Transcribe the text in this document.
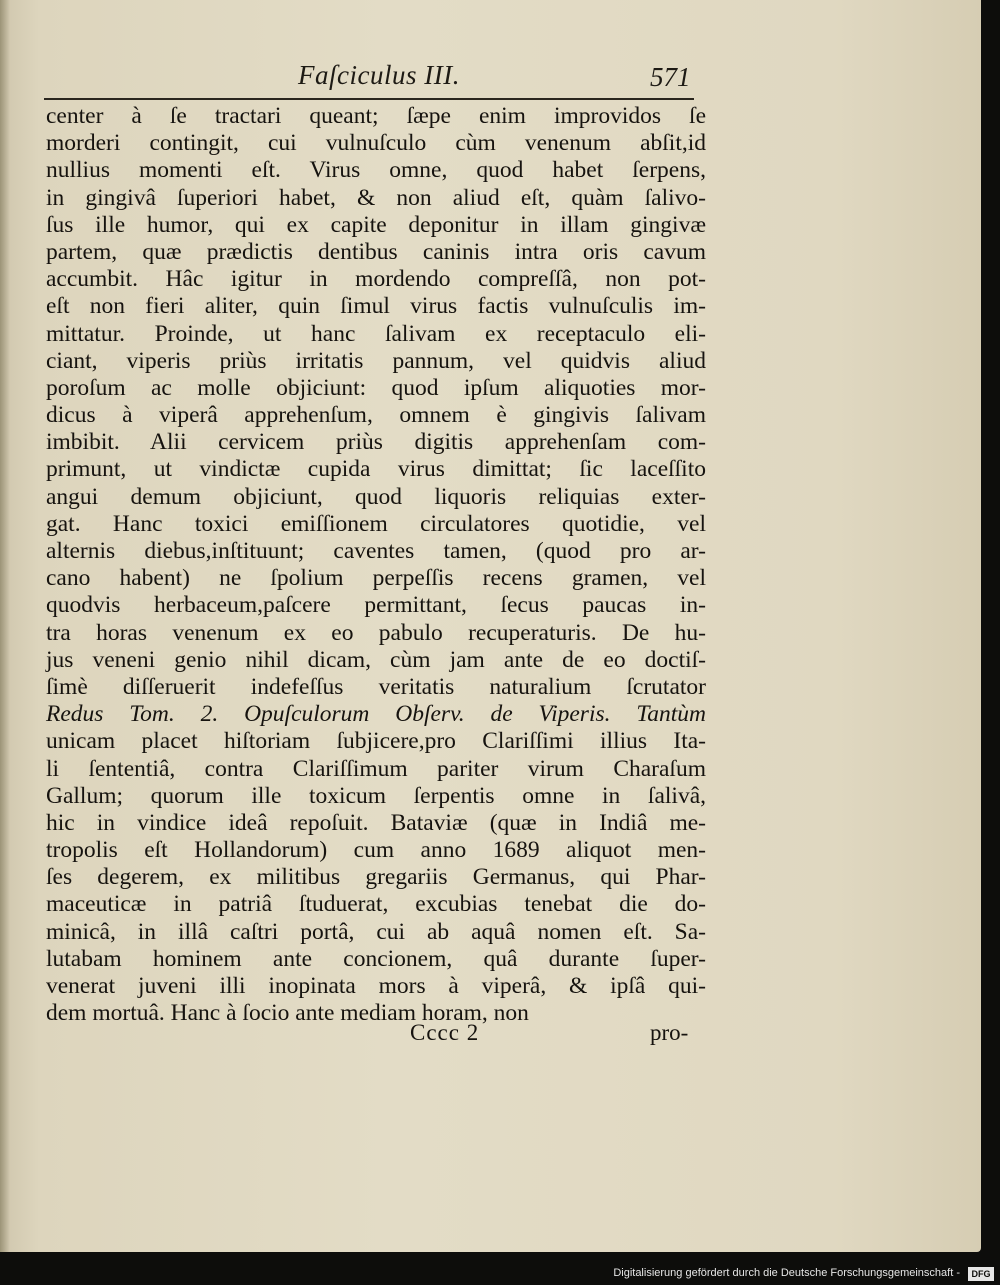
Faſciculus III.	571
center à ſe tractari queant; ſæpe enim improvidos ſe
morderi contingit, cui vulnuſculo cùm venenum abſit,id
nullius momenti eſt. Virus omne, quod habet ſerpens,
in gingivâ ſuperiori habet, & non aliud eſt, quàm ſalivo-
ſus ille humor, qui ex capite deponitur in illam gingivæ
partem, quæ prædictis dentibus caninis intra oris cavum
accumbit. Hâc igitur in mordendo compreſſâ, non pot-
eſt non fieri aliter, quin ſimul virus factis vulnuſculis im-
mittatur. Proinde, ut hanc ſalivam ex receptaculo eli-
ciant, viperis priùs irritatis pannum, vel quidvis aliud
poroſum ac molle objiciunt: quod ipſum aliquoties mor-
dicus à viperâ apprehenſum, omnem è gingivis ſalivam
imbibit. Alii cervicem priùs digitis apprehenſam com-
primunt, ut vindictæ cupida virus dimittat; ſic laceſſito
angui demum objiciunt, quod liquoris reliquias exter-
gat. Hanc toxici emiſſionem circulatores quotidie, vel
alternis diebus,inſtituunt; caventes tamen, (quod pro ar-
cano habent) ne ſpolium perpeſſis recens gramen, vel
quodvis herbaceum,paſcere permittant, ſecus paucas in-
tra horas venenum ex eo pabulo recuperaturis. De hu-
jus veneni genio nihil dicam, cùm jam ante de eo doctiſ-
ſimè diſſeruerit indefeſſus veritatis naturalium ſcrutator
Redus Tom. 2. Opuſculorum Obſerv. de Viperis. Tantùm
unicam placet hiſtoriam ſubjicere,pro Clariſſimi illius Ita-
li ſententiâ, contra Clariſſimum pariter virum Charaſum
Gallum; quorum ille toxicum ſerpentis omne in ſalivâ,
hic in vindice ideâ repoſuit. Bataviæ (quæ in Indiâ me-
tropolis eſt Hollandorum) cum anno 1689 aliquot men-
ſes degerem, ex militibus gregariis Germanus, qui Phar-
maceuticæ in patriâ ſtuduerat, excubias tenebat die do-
minicâ, in illâ caſtri portâ, cui ab aquâ nomen eſt. Sa-
lutabam hominem ante concionem, quâ durante ſuper-
venerat juveni illi inopinata mors à viperâ, & ipſâ qui-
dem mortuâ. Hanc à ſocio ante mediam horam, non
Cccc 2	pro-
Digitalisierung gefördert durch die Deutsche Forschungsgemeinschaft -	DFG
